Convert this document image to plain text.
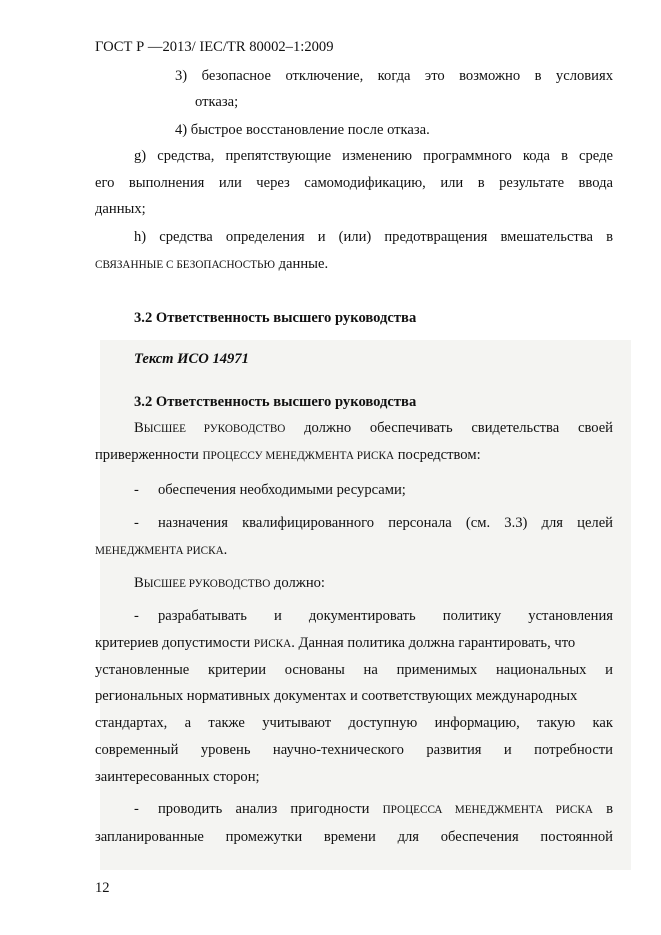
ГОСТ Р —2013/ IEC/TR 80002–1:2009
3) безопасное отключение, когда это возможно в условиях
отказа;
4) быстрое восстановление после отказа.
g) средства, препятствующие изменению программного кода в среде
его выполнения или через самомодификацию, или в результате ввода
данных;
h) средства определения и (или) предотвращения вмешательства в
СВЯЗАННЫЕ С БЕЗОПАСНОСТЬЮ данные.
3.2 Ответственность высшего руководства
Текст ИСО 14971
3.2 Ответственность высшего руководства
ВЫСШЕЕ РУКОВОДСТВО должно обеспечивать свидетельства своей
приверженности ПРОЦЕССУ МЕНЕДЖМЕНТА РИСКА посредством:
- обеспечения необходимыми ресурсами;
- назначения квалифицированного персонала (см. 3.3) для целей
МЕНЕДЖМЕНТА РИСКА.
ВЫСШЕЕ РУКОВОДСТВО должно:
- разрабатывать и документировать политику установления
критериев допустимости РИСКА. Данная политика должна гарантировать, что
установленные критерии основаны на применимых национальных и
региональных нормативных документах и соответствующих международных
стандартах, а также учитывают доступную информацию, такую как
современный уровень научно-технического развития и потребности
заинтересованных сторон;
- проводить анализ пригодности ПРОЦЕССА МЕНЕДЖМЕНТА РИСКА в
запланированные промежутки времени для обеспечения постоянной
12
